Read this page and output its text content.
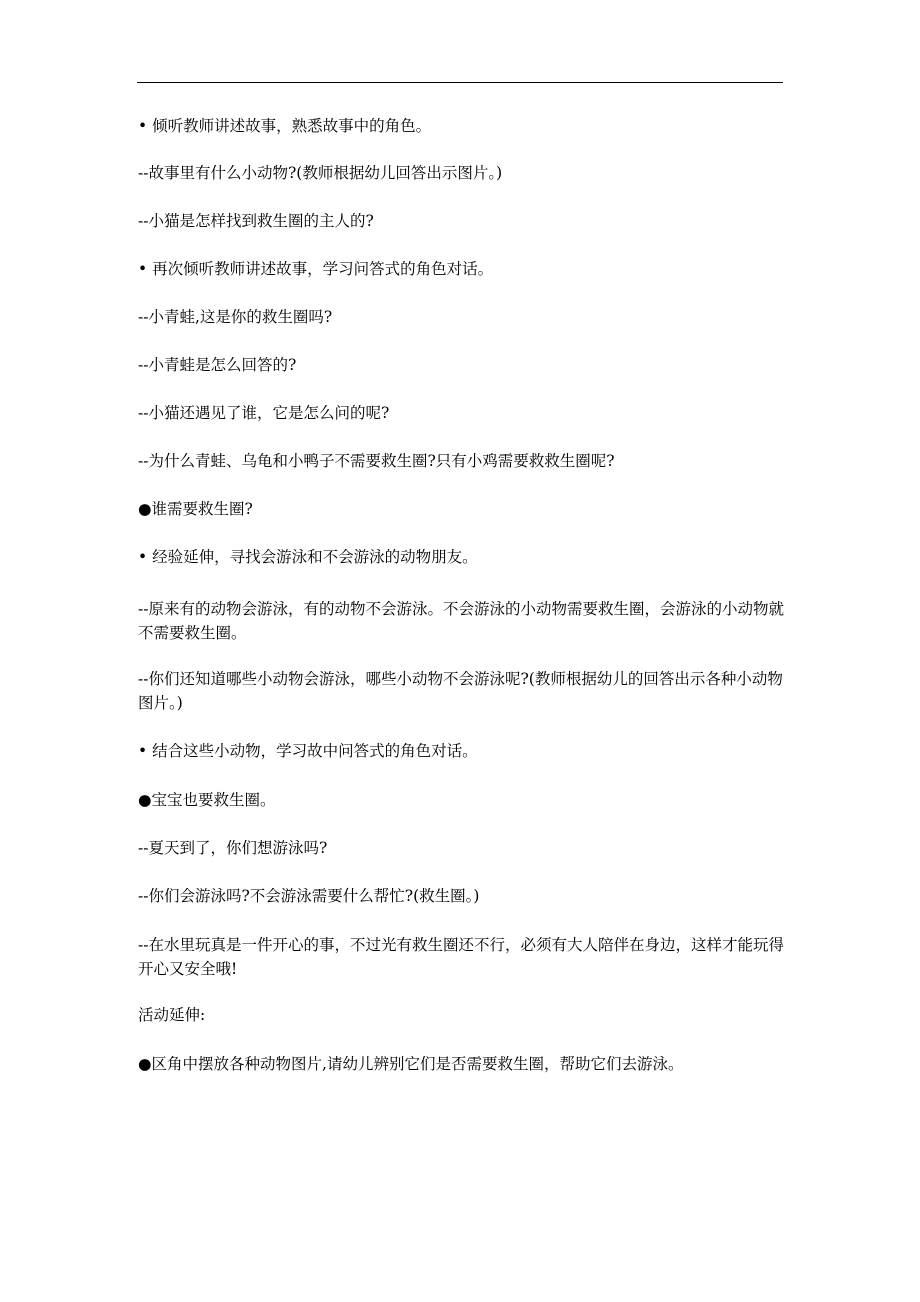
• 倾听教师讲述故事，熟悉故事中的角色。

--故事里有什么小动物?(教师根据幼儿回答出示图片。)

--小猫是怎样找到救生圈的主人的?

• 再次倾听教师讲述故事，学习问答式的角色对话。

--小青蛙,这是你的救生圈吗?

--小青蛙是怎么回答的?

--小猫还遇见了谁，它是怎么问的呢?

--为什么青蛙、乌龟和小鸭子不需要救生圈?只有小鸡需要救救生圈呢?

●谁需要救生圈?

• 经验延伸，寻找会游泳和不会游泳的动物朋友。

--原来有的动物会游泳，有的动物不会游泳。不会游泳的小动物需要救生圈，会游泳的小动物就不需要救生圈。

--你们还知道哪些小动物会游泳，哪些小动物不会游泳呢?(教师根据幼儿的回答出示各种小动物图片。)

• 结合这些小动物，学习故中问答式的角色对话。

●宝宝也要救生圈。

--夏天到了，你们想游泳吗?

--你们会游泳吗?不会游泳需要什么帮忙?(救生圈。)

--在水里玩真是一件开心的事，不过光有救生圈还不行，必须有大人陪伴在身边，这样才能玩得开心又安全哦!

活动延伸:

●区角中摆放各种动物图片,请幼儿辨别它们是否需要救生圈，帮助它们去游泳。
